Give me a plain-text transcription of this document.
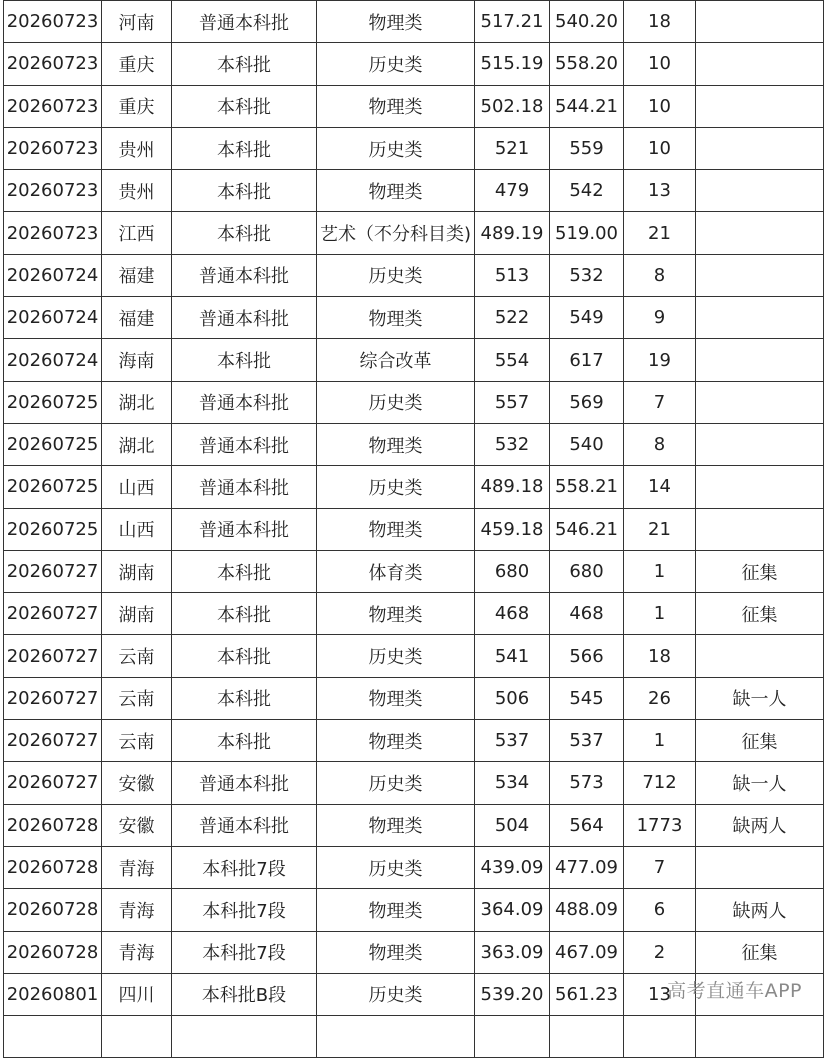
20260723	河南	普通本科批	物理类	517.21	540.20	18	
20260723	重庆	本科批	历史类	515.19	558.20	10	
20260723	重庆	本科批	物理类	502.18	544.21	10	
20260723	贵州	本科批	历史类	521	559	10	
20260723	贵州	本科批	物理类	479	542	13	
20260723	江西	本科批	艺术（不分科目类)	489.19	519.00	21	
20260724	福建	普通本科批	历史类	513	532	8	
20260724	福建	普通本科批	物理类	522	549	9	
20260724	海南	本科批	综合改革	554	617	19	
20260725	湖北	普通本科批	历史类	557	569	7	
20260725	湖北	普通本科批	物理类	532	540	8	
20260725	山西	普通本科批	历史类	489.18	558.21	14	
20260725	山西	普通本科批	物理类	459.18	546.21	21	
20260727	湖南	本科批	体育类	680	680	1	征集
20260727	湖南	本科批	物理类	468	468	1	征集
20260727	云南	本科批	历史类	541	566	18	
20260727	云南	本科批	物理类	506	545	26	缺一人
20260727	云南	本科批	物理类	537	537	1	征集
20260727	安徽	普通本科批	历史类	534	573	712	缺一人
20260728	安徽	普通本科批	物理类	504	564	1773	缺两人
20260728	青海	本科批7段	历史类	439.09	477.09	7	
20260728	青海	本科批7段	物理类	364.09	488.09	6	缺两人
20260728	青海	本科批7段	物理类	363.09	467.09	2	征集
20260801	四川	本科批B段	历史类	539.20	561.23	13	

高考直通车APP
